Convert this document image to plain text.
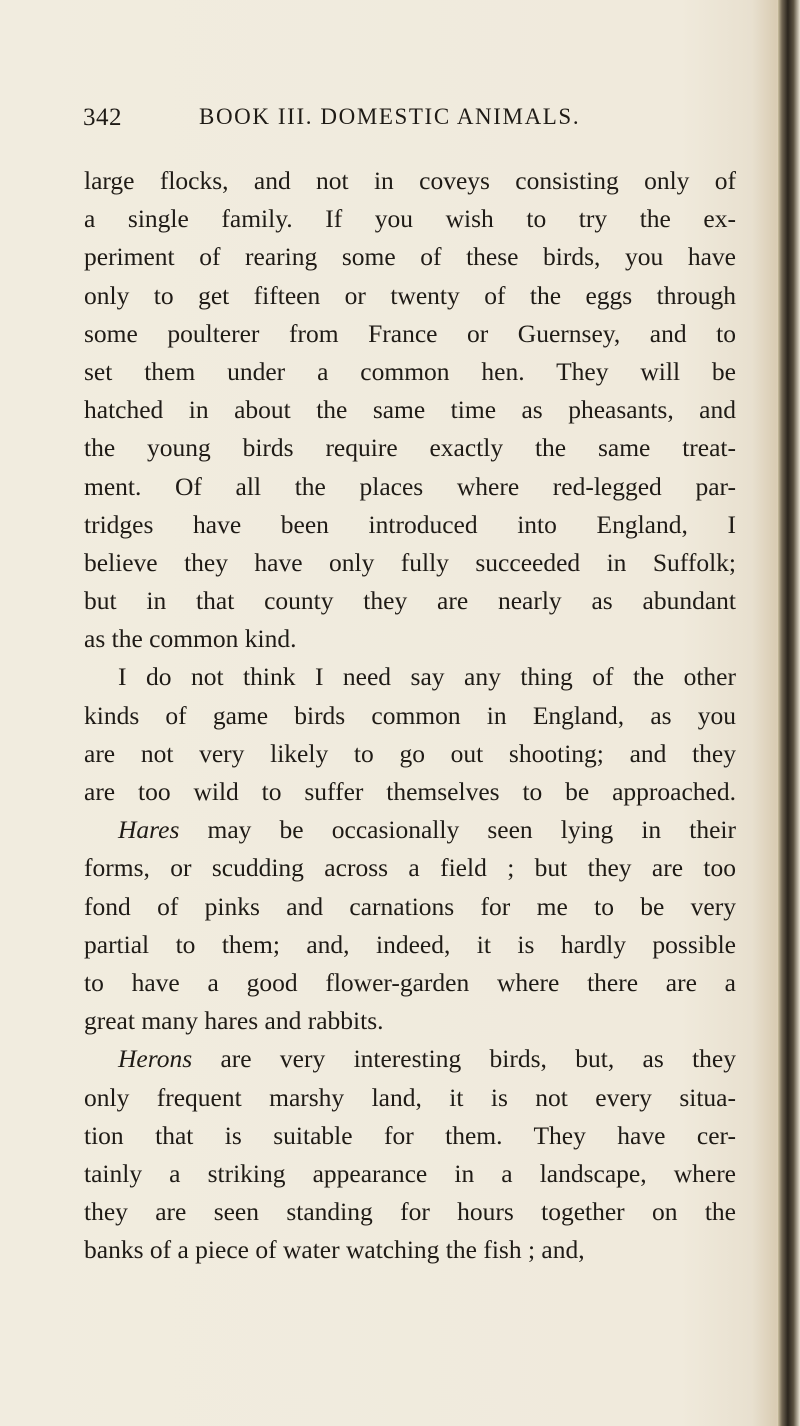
342	BOOK III. DOMESTIC ANIMALS.
large flocks, and not in coveys consisting only of
a single family. If you wish to try the ex-
periment of rearing some of these birds, you have
only to get fifteen or twenty of the eggs through
some poulterer from France or Guernsey, and to
set them under a common hen. They will be
hatched in about the same time as pheasants, and
the young birds require exactly the same treat-
ment. Of all the places where red-legged par-
tridges have been introduced into England, I
believe they have only fully succeeded in Suffolk;
but in that county they are nearly as abundant
as the common kind.
I do not think I need say any thing of the other
kinds of game birds common in England, as you
are not very likely to go out shooting; and they
are too wild to suffer themselves to be approached.
Hares may be occasionally seen lying in their
forms, or scudding across a field ; but they are too
fond of pinks and carnations for me to be very
partial to them; and, indeed, it is hardly possible
to have a good flower-garden where there are a
great many hares and rabbits.
Herons are very interesting birds, but, as they
only frequent marshy land, it is not every situa-
tion that is suitable for them. They have cer-
tainly a striking appearance in a landscape, where
they are seen standing for hours together on the
banks of a piece of water watching the fish ; and,
